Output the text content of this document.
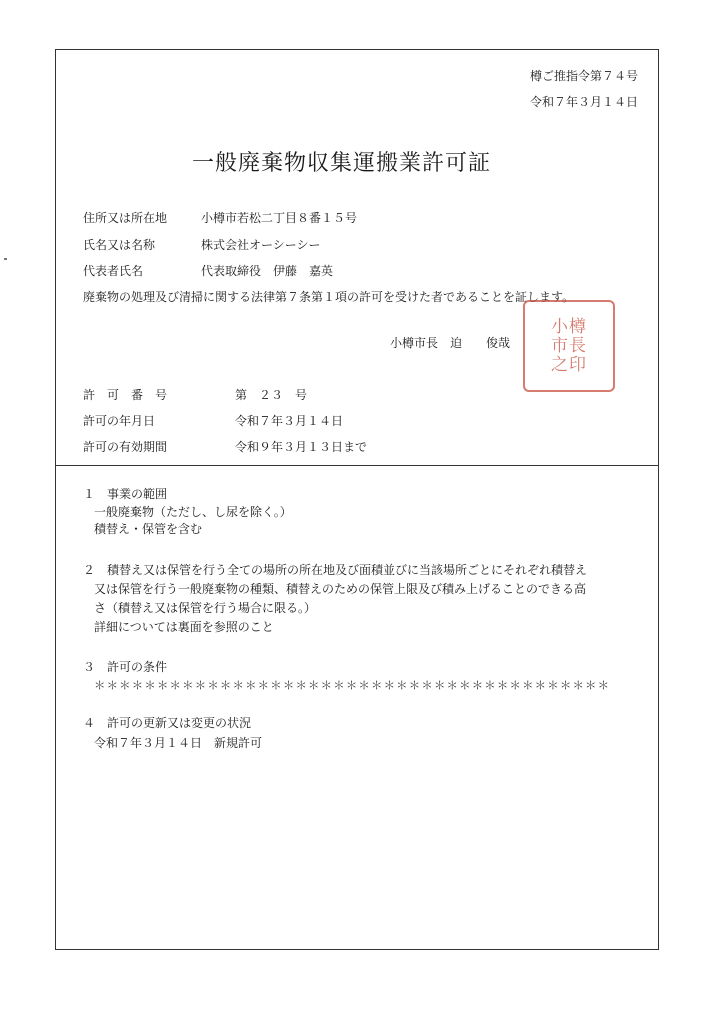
樽ご推指令第７４号
令和７年３月１４日
一般廃棄物収集運搬業許可証
住所又は所在地	小樽市若松二丁目８番１５号
氏名又は名称	株式会社オーシーシー
代表者氏名	代表取締役　伊藤　嘉英
廃棄物の処理及び清掃に関する法律第７条第１項の許可を受けた者であることを証します。
小樽市長　迫　　俊哉
許　可　番　号	第　２３　号
許可の年月日	令和７年３月１４日
許可の有効期間	令和９年３月１３日まで
１　事業の範囲
一般廃棄物（ただし、し尿を除く。）
積替え・保管を含む
２　積替え又は保管を行う全ての場所の所在地及び面積並びに当該場所ごとにそれぞれ積替え
又は保管を行う一般廃棄物の種類、積替えのための保管上限及び積み上げることのできる高
さ（積替え又は保管を行う場合に限る。）
詳細については裏面を参照のこと
３　許可の条件
＊＊＊＊＊＊＊＊＊＊＊＊＊＊＊＊＊＊＊＊＊＊＊＊＊＊＊＊＊＊＊＊＊＊＊＊＊＊＊＊＊
４　許可の更新又は変更の状況
令和７年３月１４日　新規許可
小樽
市長
之印
